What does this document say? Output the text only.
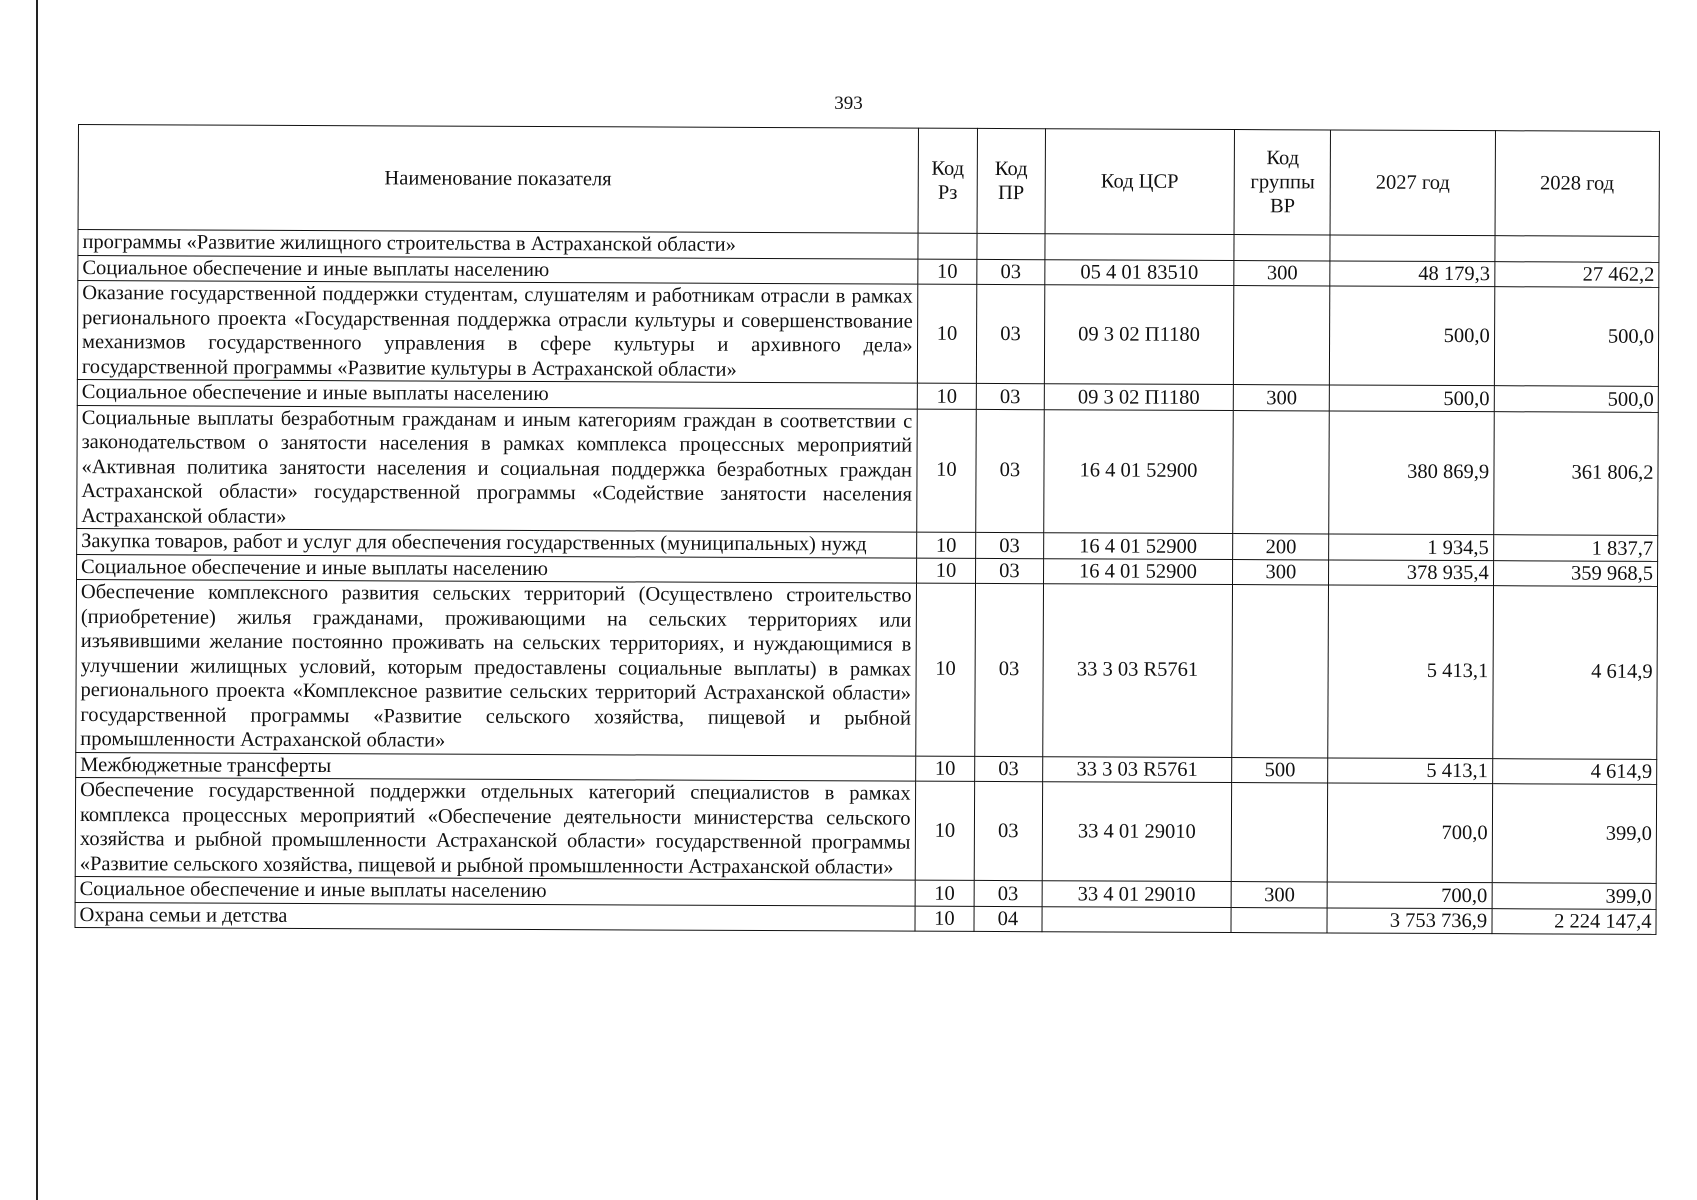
393
Наименование показателя	Код Рз	Код ПР	Код ЦСР	Код группы ВР	2027 год	2028 год
программы «Развитие жилищного строительства в Астраханской области»						
Социальное обеспечение и иные выплаты населению	10	03	05 4 01 83510	300	48 179,3	27 462,2
Оказание государственной поддержки студентам, слушателям и работникам отрасли в рамках регионального проекта «Государственная поддержка отрасли культуры и совершенствование механизмов государственного управления в сфере культуры и архивного дела» государственной программы «Развитие культуры в Астраханской области»	10	03	09 3 02 П1180		500,0	500,0
Социальное обеспечение и иные выплаты населению	10	03	09 3 02 П1180	300	500,0	500,0
Социальные выплаты безработным гражданам и иным категориям граждан в соответствии с законодательством о занятости населения в рамках комплекса процессных мероприятий «Активная политика занятости населения и социальная поддержка безработных граждан Астраханской области» государственной программы «Содействие занятости населения Астраханской области»	10	03	16 4 01 52900		380 869,9	361 806,2
Закупка товаров, работ и услуг для обеспечения государственных (муниципальных) нужд	10	03	16 4 01 52900	200	1 934,5	1 837,7
Социальное обеспечение и иные выплаты населению	10	03	16 4 01 52900	300	378 935,4	359 968,5
Обеспечение комплексного развития сельских территорий (Осуществлено строительство (приобретение) жилья гражданами, проживающими на сельских территориях или изъявившими желание постоянно проживать на сельских территориях, и нуждающимися в улучшении жилищных условий, которым предоставлены социальные выплаты) в рамках регионального проекта «Комплексное развитие сельских территорий Астраханской области» государственной программы «Развитие сельского хозяйства, пищевой и рыбной промышленности Астраханской области»	10	03	33 3 03 R5761		5 413,1	4 614,9
Межбюджетные трансферты	10	03	33 3 03 R5761	500	5 413,1	4 614,9
Обеспечение государственной поддержки отдельных категорий специалистов в рамках комплекса процессных мероприятий «Обеспечение деятельности министерства сельского хозяйства и рыбной промышленности Астраханской области» государственной программы «Развитие сельского хозяйства, пищевой и рыбной промышленности Астраханской области»	10	03	33 4 01 29010		700,0	399,0
Социальное обеспечение и иные выплаты населению	10	03	33 4 01 29010	300	700,0	399,0
Охрана семьи и детства	10	04			3 753 736,9	2 224 147,4
